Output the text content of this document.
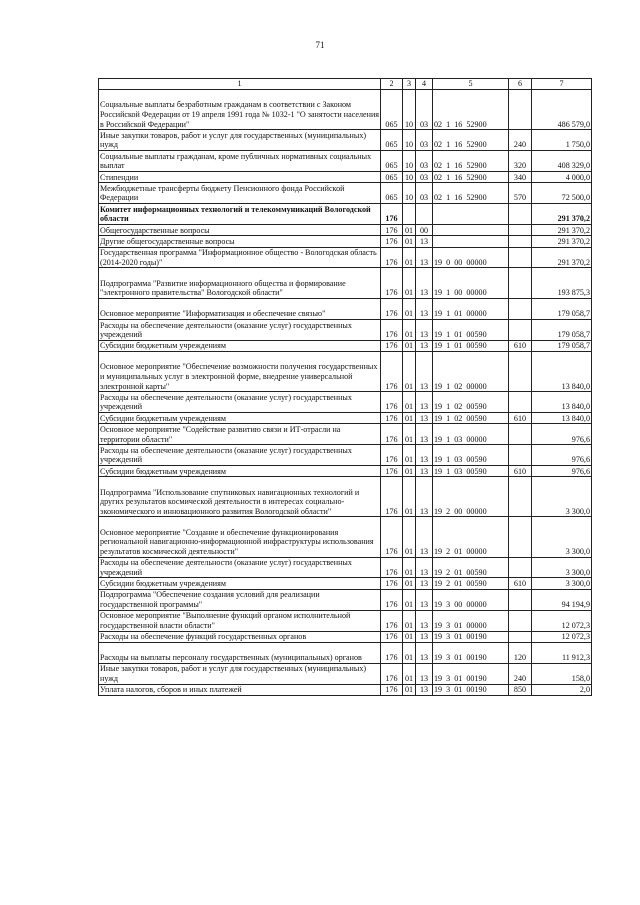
71
1	2	3	4	5	6	7
Социальные выплаты безработным гражданам в соответствии с Законом Российской Федерации от 19 апреля 1991 года № 1032-1 "О занятости населения в Российской Федерации"	065	10	03	02  1  16  52900		486 579,0
Иные закупки товаров, работ и услуг для государственных (муниципальных) нужд	065	10	03	02  1  16  52900	240	1 750,0
Социальные выплаты гражданам, кроме публичных нормативных социальных выплат	065	10	03	02  1  16  52900	320	408 329,0
Стипендии	065	10	03	02  1  16  52900	340	4 000,0
Межбюджетные трансферты бюджету Пенсионного фонда Российской Федерации	065	10	03	02  1  16  52900	570	72 500,0
Комитет информационных технологий и телекоммуникаций Вологодской области	176					291 370,2
Общегосударственные вопросы	176	01	00			291 370,2
Другие общегосударственные вопросы	176	01	13			291 370,2
Государственная программа "Информационное общество - Вологодская область (2014-2020 годы)"	176	01	13	19  0  00  00000		291 370,2
Подпрограмма "Развитие информационного общества и формирование "электронного правительства" Вологодской области"	176	01	13	19  1  00  00000		193 875,3
Основное мероприятие "Информатизация и обеспечение связью"	176	01	13	19  1  01  00000		179 058,7
Расходы на обеспечение деятельности (оказание услуг) государственных учреждений	176	01	13	19  1  01  00590		179 058,7
Субсидии бюджетным учреждениям	176	01	13	19  1  01  00590	610	179 058,7
Основное мероприятие "Обеспечение возможности получения государственных и муниципальных услуг в электронной форме, внедрение универсальной электронной карты"	176	01	13	19  1  02  00000		13 840,0
Расходы на обеспечение деятельности (оказание услуг) государственных учреждений	176	01	13	19  1  02  00590		13 840,0
Субсидии бюджетным учреждениям	176	01	13	19  1  02  00590	610	13 840,0
Основное мероприятие "Содействие развитию связи и ИТ-отрасли на территории области"	176	01	13	19  1  03  00000		976,6
Расходы на обеспечение деятельности (оказание услуг) государственных учреждений	176	01	13	19  1  03  00590		976,6
Субсидии бюджетным учреждениям	176	01	13	19  1  03  00590	610	976,6
Подпрограмма "Использование спутниковых навигационных технологий и других результатов космической деятельности в интересах социально-экономического и инновационного развития Вологодской области"	176	01	13	19  2  00  00000		3 300,0
Основное мероприятие "Создание и обеспечение функционирования региональной навигационно-информационной инфраструктуры использования результатов космической деятельности"	176	01	13	19  2  01  00000		3 300,0
Расходы на обеспечение деятельности (оказание услуг) государственных учреждений	176	01	13	19  2  01  00590		3 300,0
Субсидии бюджетным учреждениям	176	01	13	19  2  01  00590	610	3 300,0
Подпрограмма "Обеспечение создания условий для реализации государственной программы"	176	01	13	19  3  00  00000		94 194,9
Основное мероприятие "Выполнение функций органом исполнительной государственной власти области"	176	01	13	19  3  01  00000		12 072,3
Расходы на обеспечение функций государственных органов	176	01	13	19  3  01  00190		12 072,3
Расходы на выплаты персоналу государственных (муниципальных) органов	176	01	13	19  3  01  00190	120	11 912,3
Иные закупки товаров, работ и услуг для государственных (муниципальных) нужд	176	01	13	19  3  01  00190	240	158,0
Уплата налогов, сборов и иных платежей	176	01	13	19  3  01  00190	850	2,0
